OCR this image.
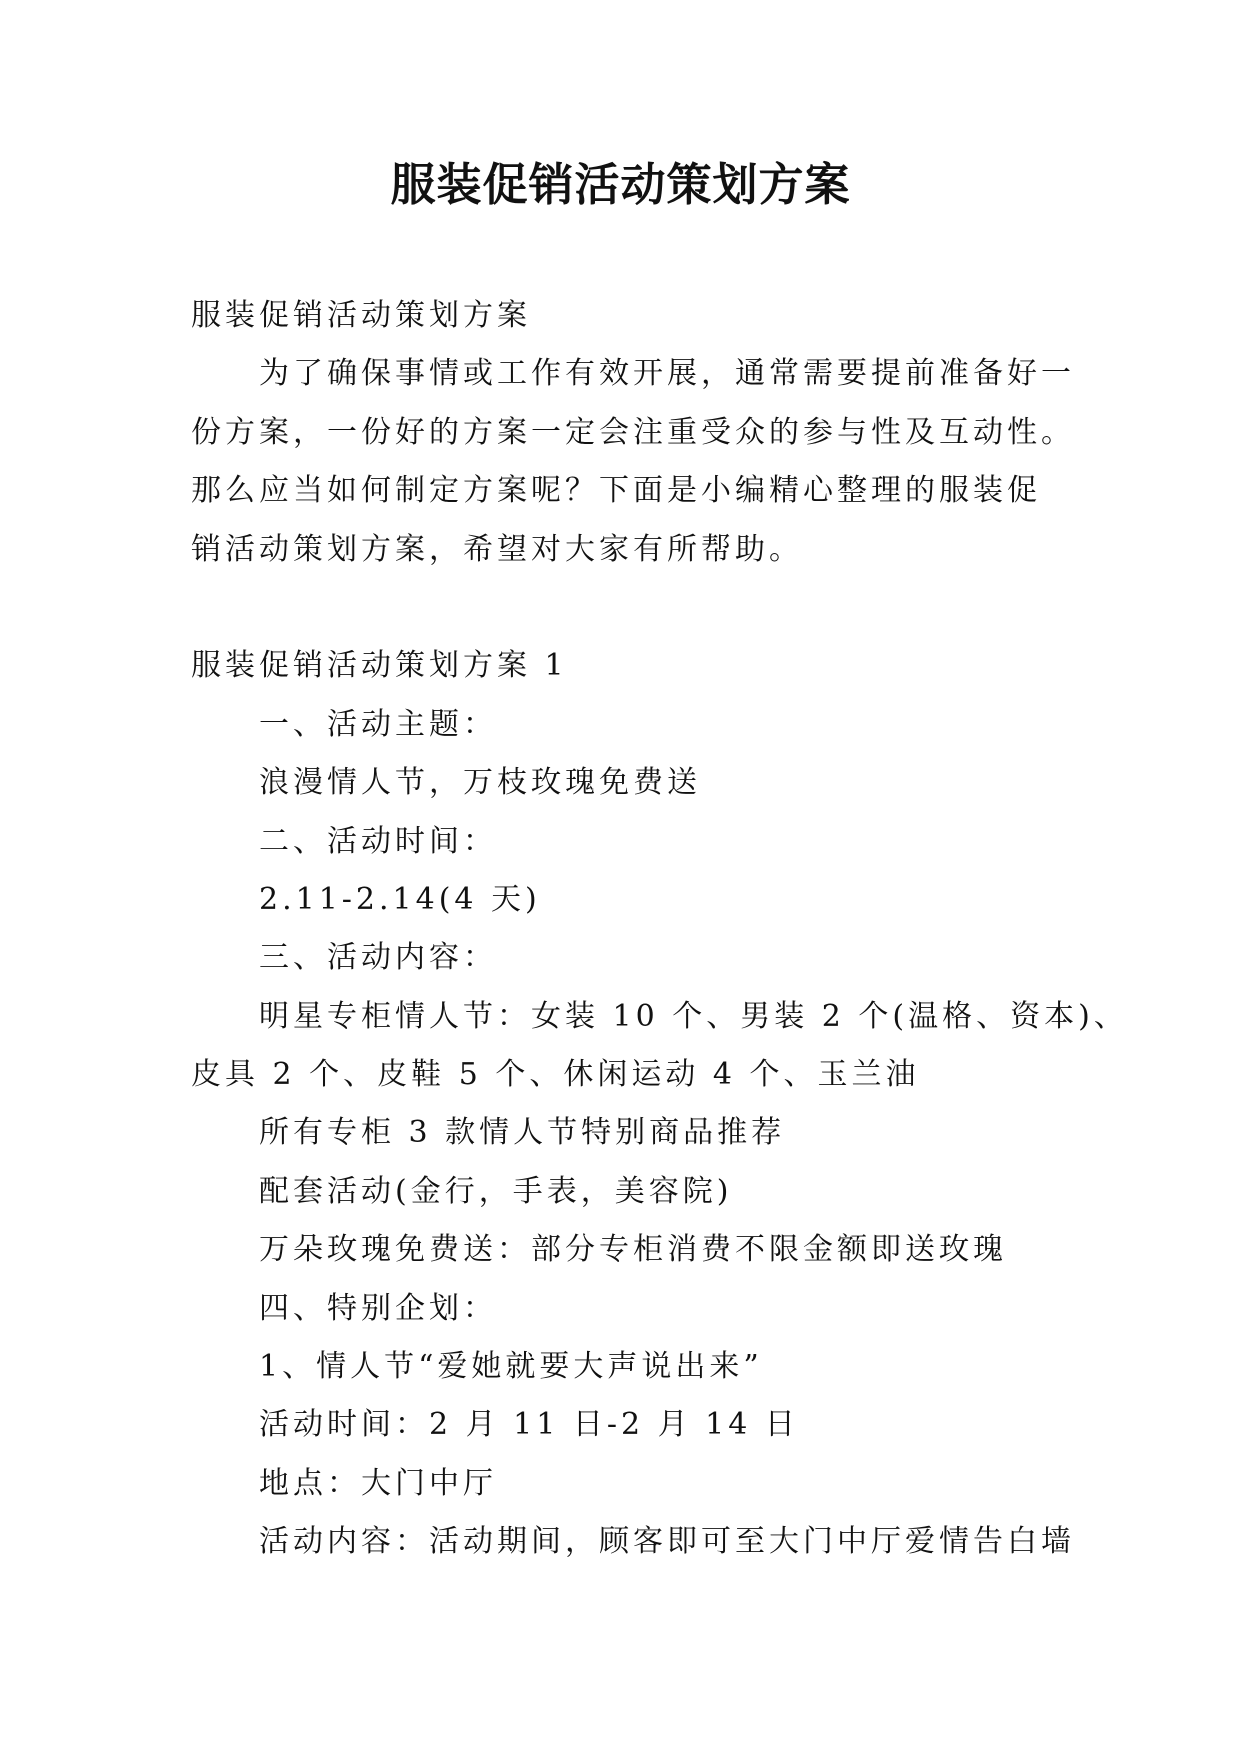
服装促销活动策划方案
服装促销活动策划方案
为了确保事情或工作有效开展，通常需要提前准备好一
份方案，一份好的方案一定会注重受众的参与性及互动性。
那么应当如何制定方案呢？下面是小编精心整理的服装促
销活动策划方案，希望对大家有所帮助。
服装促销活动策划方案 1
一、活动主题：
浪漫情人节，万枝玫瑰免费送
二、活动时间：
2.11-2.14(4 天)
三、活动内容：
明星专柜情人节：女装 10 个、男装 2 个(温格、资本)、
皮具 2 个、皮鞋 5 个、休闲运动 4 个、玉兰油
所有专柜 3 款情人节特别商品推荐
配套活动(金行，手表，美容院)
万朵玫瑰免费送：部分专柜消费不限金额即送玫瑰
四、特别企划：
1、情人节“爱她就要大声说出来”
活动时间：2 月 11 日-2 月 14 日
地点：大门中厅
活动内容：活动期间，顾客即可至大门中厅爱情告白墙
